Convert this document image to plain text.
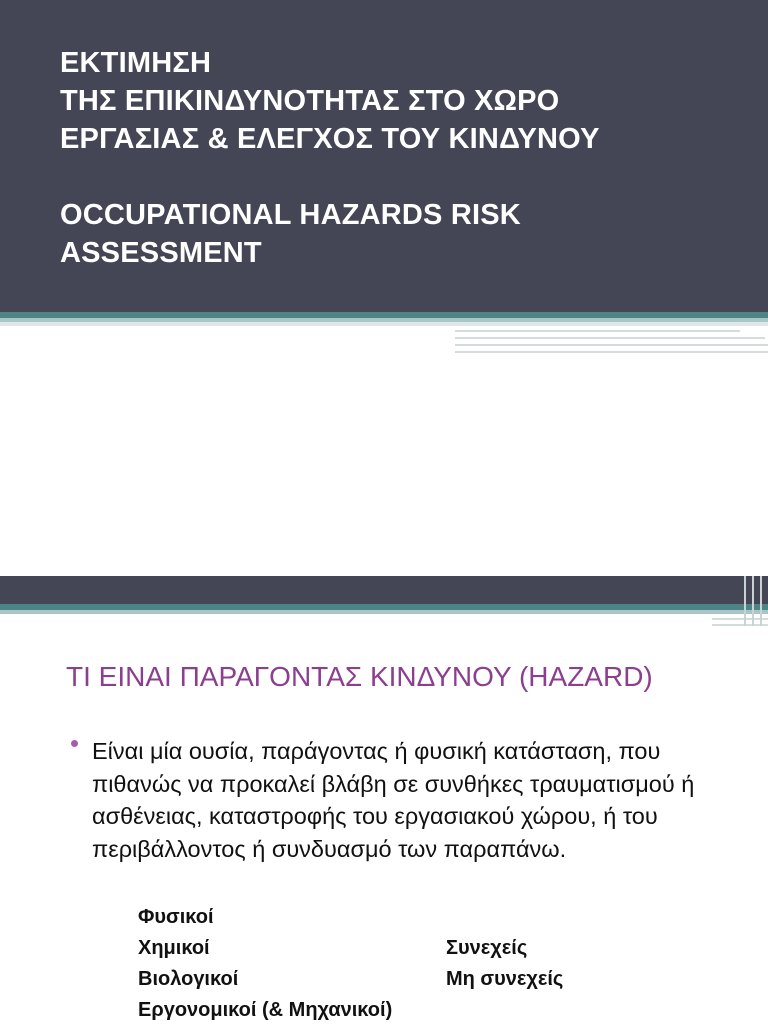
ΕΚΤΙΜΗΣΗ
ΤΗΣ ΕΠΙΚΙΝΔΥΝΟΤΗΤΑΣ ΣΤΟ ΧΩΡΟ
ΕΡΓΑΣΙΑΣ & ΕΛΕΓΧΟΣ ΤΟΥ ΚΙΝΔΥΝΟΥ

OCCUPATIONAL HAZARDS RISK
ASSESSMENT
ΤΙ ΕΙΝΑΙ ΠΑΡΑΓΟΝΤΑΣ ΚΙΝΔΥΝΟΥ (HAZARD)
Είναι μία ουσία, παράγοντας ή φυσική κατάσταση, που πιθανώς να προκαλεί βλάβη σε συνθήκες τραυματισμού ή ασθένειας, καταστροφής του εργασιακού χώρου, ή του περιβάλλοντος ή συνδυασμό των παραπάνω.
Φυσικοί
Χημικοί
Βιολογικοί
Εργονομικοί (& Μηχανικοί)
Συνεχείς
Μη συνεχείς
